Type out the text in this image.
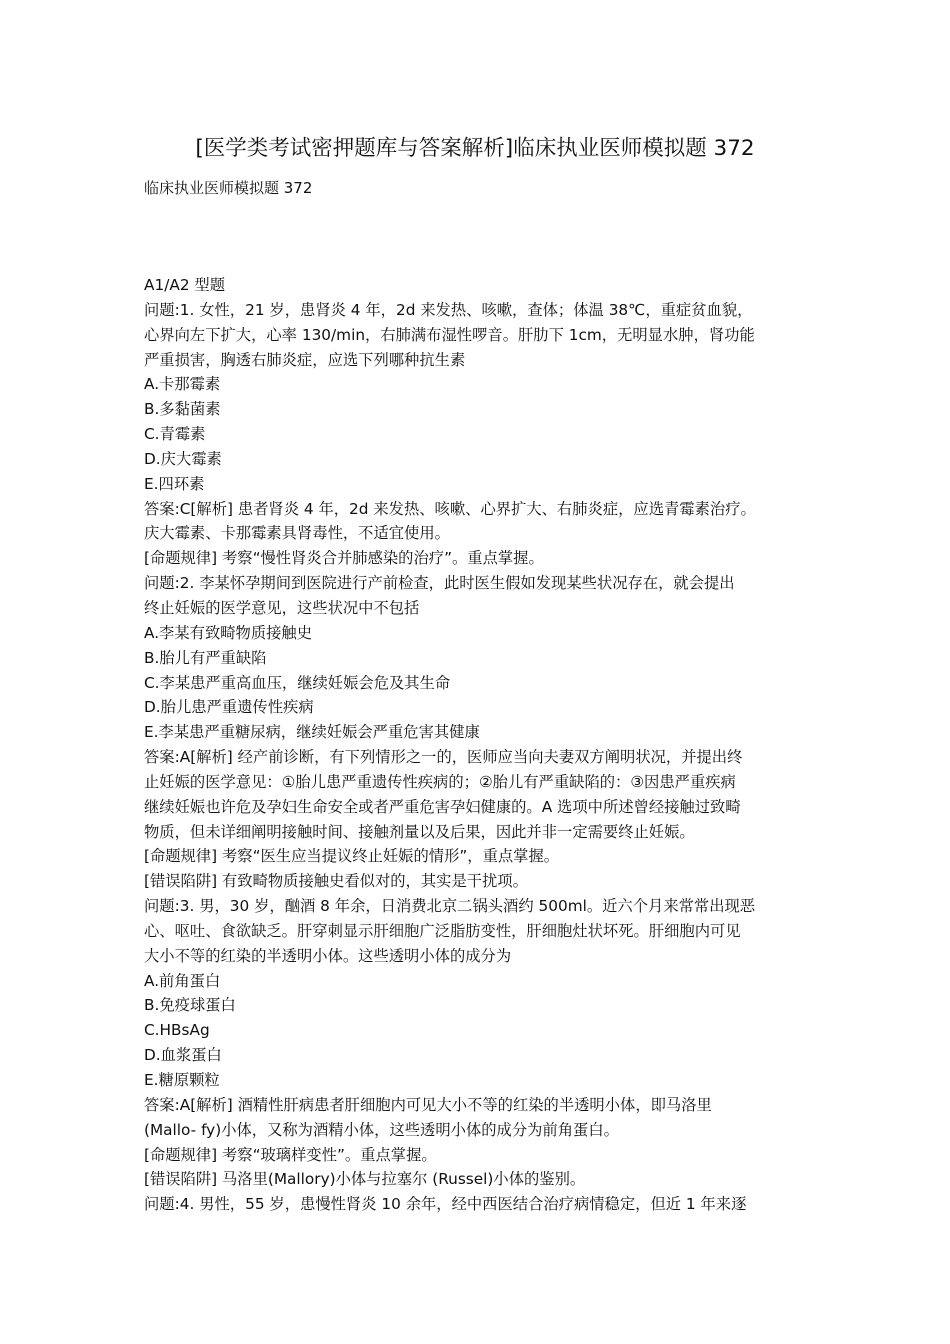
[医学类考试密押题库与答案解析]临床执业医师模拟题 372
临床执业医师模拟题 372
A1/A2 型题
问题:1. 女性，21 岁，患肾炎 4 年，2d 来发热、咳嗽，查体；体温 38℃，重症贫血貌，
心界向左下扩大，心率 130/min，右肺满布湿性啰音。肝肋下 1cm，无明显水肿，肾功能
严重损害，胸透右肺炎症，应选下列哪种抗生素
A.卡那霉素
B.多黏菌素
C.青霉素
D.庆大霉素
E.四环素
答案:C[解析] 患者肾炎 4 年，2d 来发热、咳嗽、心界扩大、右肺炎症，应选青霉素治疗。
庆大霉素、卡那霉素具肾毒性，不适宜使用。
[命题规律] 考察“慢性肾炎合并肺感染的治疗”。重点掌握。
问题:2. 李某怀孕期间到医院进行产前检查，此时医生假如发现某些状况存在，就会提出
终止妊娠的医学意见，这些状况中不包括
A.李某有致畸物质接触史
B.胎儿有严重缺陷
C.李某患严重高血压，继续妊娠会危及其生命
D.胎儿患严重遗传性疾病
E.李某患严重糖尿病，继续妊娠会严重危害其健康
答案:A[解析] 经产前诊断，有下列情形之一的，医师应当向夫妻双方阐明状况，并提出终
止妊娠的医学意见：①胎儿患严重遗传性疾病的；②胎儿有严重缺陷的：③因患严重疾病
继续妊娠也许危及孕妇生命安全或者严重危害孕妇健康的。A 选项中所述曾经接触过致畸
物质，但未详细阐明接触时间、接触剂量以及后果，因此并非一定需要终止妊娠。
[命题规律] 考察“医生应当提议终止妊娠的情形”，重点掌握。
[错误陷阱] 有致畸物质接触史看似对的，其实是干扰项。
问题:3. 男，30 岁，酗酒 8 年余，日消费北京二锅头酒约 500ml。近六个月来常常出现恶
心、呕吐、食欲缺乏。肝穿刺显示肝细胞广泛脂肪变性，肝细胞灶状坏死。肝细胞内可见
大小不等的红染的半透明小体。这些透明小体的成分为
A.前角蛋白
B.免疫球蛋白
C.HBsAg
D.血浆蛋白
E.糖原颗粒
答案:A[解析] 酒精性肝病患者肝细胞内可见大小不等的红染的半透明小体，即马洛里
(Mallo- fy)小体，又称为酒精小体，这些透明小体的成分为前角蛋白。
[命题规律] 考察“玻璃样变性”。重点掌握。
[错误陷阱] 马洛里(Mallory)小体与拉塞尔 (Russel)小体的鉴别。
问题:4. 男性，55 岁，患慢性肾炎 10 余年，经中西医结合治疗病情稳定，但近 1 年来逐
